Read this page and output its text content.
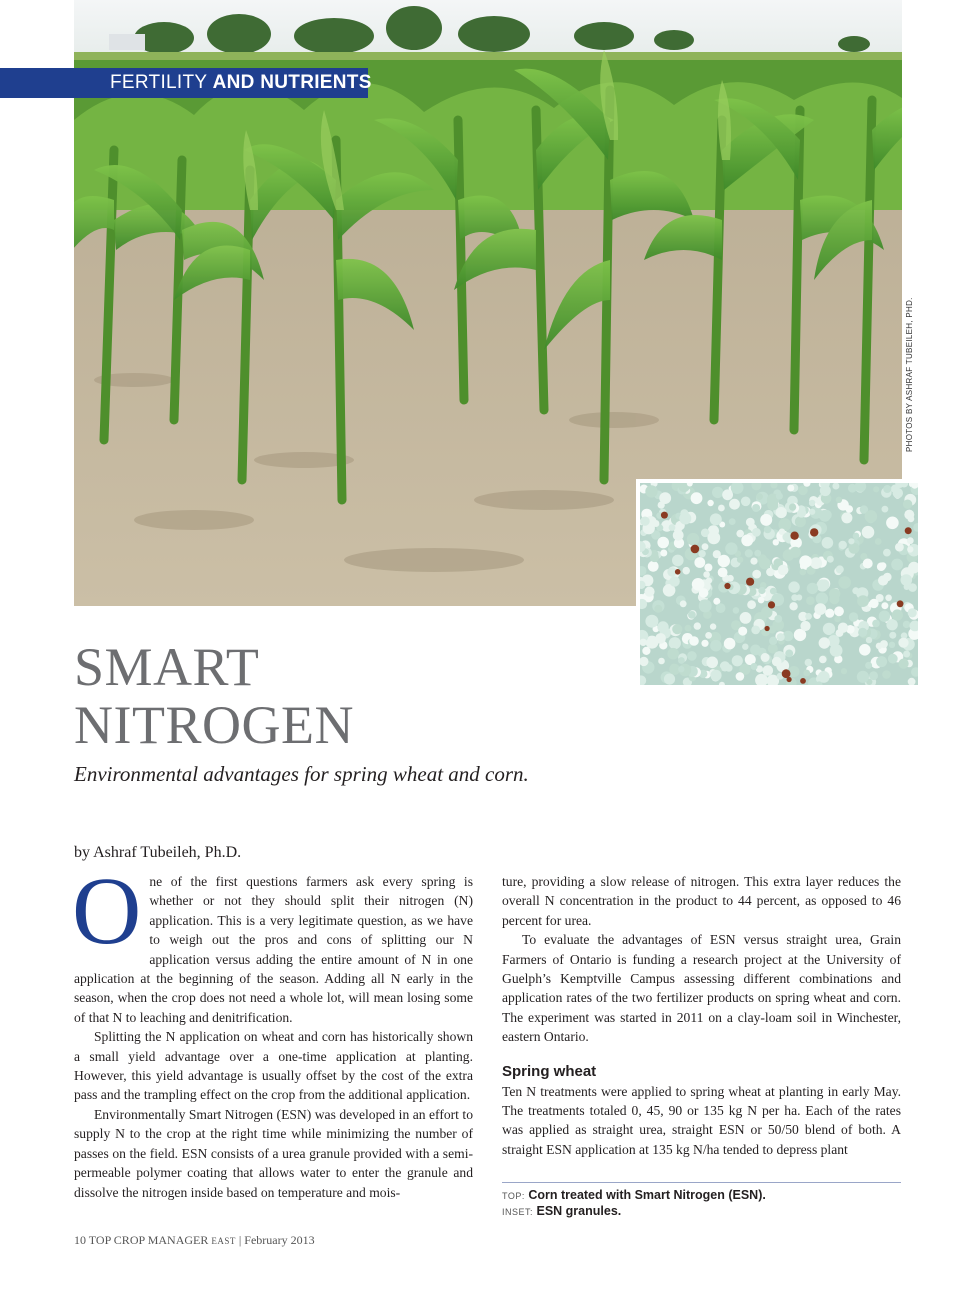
FERTILITY AND NUTRIENTS
PHOTOS BY ASHRAF TUBEILEH, PHD.
SMART
NITROGEN
Environmental advantages for spring wheat and corn.
by Ashraf Tubeileh, Ph.D.

One of the first questions farmers ask every spring is whether or not they should split their nitrogen (N) application. This is a very legitimate question, as we have to weigh out the pros and cons of splitting our N application versus adding the entire amount of N in one application at the beginning of the season. Adding all N early in the season, when the crop does not need a whole lot, will mean losing some of that N to leaching and denitrification.

Splitting the N application on wheat and corn has historically shown a small yield advantage over a one-time application at planting. However, this yield advantage is usually offset by the cost of the extra pass and the trampling effect on the crop from the additional application.

Environmentally Smart Nitrogen (ESN) was developed in an effort to supply N to the crop at the right time while minimizing the number of passes on the field. ESN consists of a urea granule provided with a semi-permeable polymer coating that allows water to enter the granule and dissolve the nitrogen inside based on temperature and mois-

ture, providing a slow release of nitrogen. This extra layer reduces the overall N concentration in the product to 44 percent, as opposed to 46 percent for urea.

To evaluate the advantages of ESN versus straight urea, Grain Farmers of Ontario is funding a research project at the University of Guelph’s Kemptville Campus assessing different combinations and application rates of the two fertilizer products on spring wheat and corn. The experiment was started in 2011 on a clay-loam soil in Winchester, eastern Ontario.

Spring wheat

Ten N treatments were applied to spring wheat at planting in early May. The treatments totaled 0, 45, 90 or 135 kg N per ha. Each of the rates was applied as straight urea, straight ESN or 50/50 blend of both. A straight ESN application at 135 kg N/ha tended to depress plant

TOP: Corn treated with Smart Nitrogen (ESN).
INSET: ESN granules.
10 TOP CROP MANAGER EAST | February 2013
